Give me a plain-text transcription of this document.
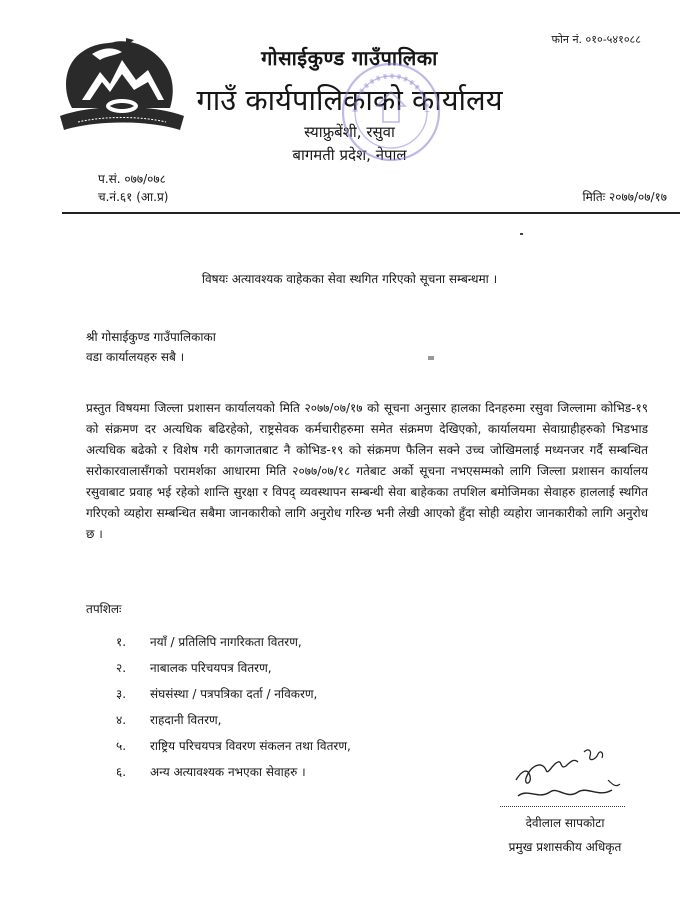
फोन नं. ०१०-५४१०८८
गोसाईकुण्ड गाउँपालिका
गाउँ कार्यपालिकाको कार्यालय
स्याफ्रुबेंशी, रसुवा
बागमती प्रदेश, नेपाल
प.सं. ०७७/०७८
च.नं.६१ (आ.प्र)	मितिः २०७७/०७/१७
विषयः अत्यावश्यक वाहेकका सेवा स्थगित गरिएको सूचना सम्बन्धमा ।
श्री गोसाईकुण्ड गाउँपालिकाका
वडा कार्यालयहरु सबै ।

प्रस्तुत विषयमा जिल्ला प्रशासन कार्यालयको मिति २०७७/०७/१७ को सूचना अनुसार हालका दिनहरुमा रसुवा जिल्लामा कोभिड-१९ को संक्रमण दर अत्यधिक बढिरहेको, राष्ट्रसेवक कर्मचारीहरुमा समेत संक्रमण देखिएको, कार्यालयमा सेवाग्राहीहरुको भिडभाड अत्यधिक बढेको र विशेष गरी कागजातबाट नै कोभिड-१९ को संक्रमण फैलिन सक्ने उच्च जोखिमलाई मध्यनजर गर्दै सम्बन्धित सरोकारवालासँगको परामर्शका आधारमा मिति २०७७/०७/१८ गतेबाट अर्को सूचना नभएसम्मको लागि जिल्ला प्रशासन कार्यालय रसुवाबाट प्रवाह भई रहेको शान्ति सुरक्षा र विपद् व्यवस्थापन सम्बन्धी सेवा बाहेकका तपशिल बमोजिमका सेवाहरु हाललाई स्थगित गरिएको व्यहोरा सम्बन्धित सबैमा जानकारीको लागि अनुरोध गरिन्छ भनी लेखी आएको हुँदा सोही व्यहोरा जानकारीको लागि अनुरोध छ ।

तपशिलः
१.	नयाँ / प्रतिलिपि नागरिकता वितरण,
२.	नाबालक परिचयपत्र वितरण,
३.	संघसंस्था / पत्रपत्रिका दर्ता / नविकरण,
४.	राहदानी वितरण,
५.	राष्ट्रिय परिचयपत्र विवरण संकलन तथा वितरण,
६.	अन्य अत्यावश्यक नभएका सेवाहरु ।
देवीलाल सापकोटा
प्रमुख प्रशासकीय अधिकृत
